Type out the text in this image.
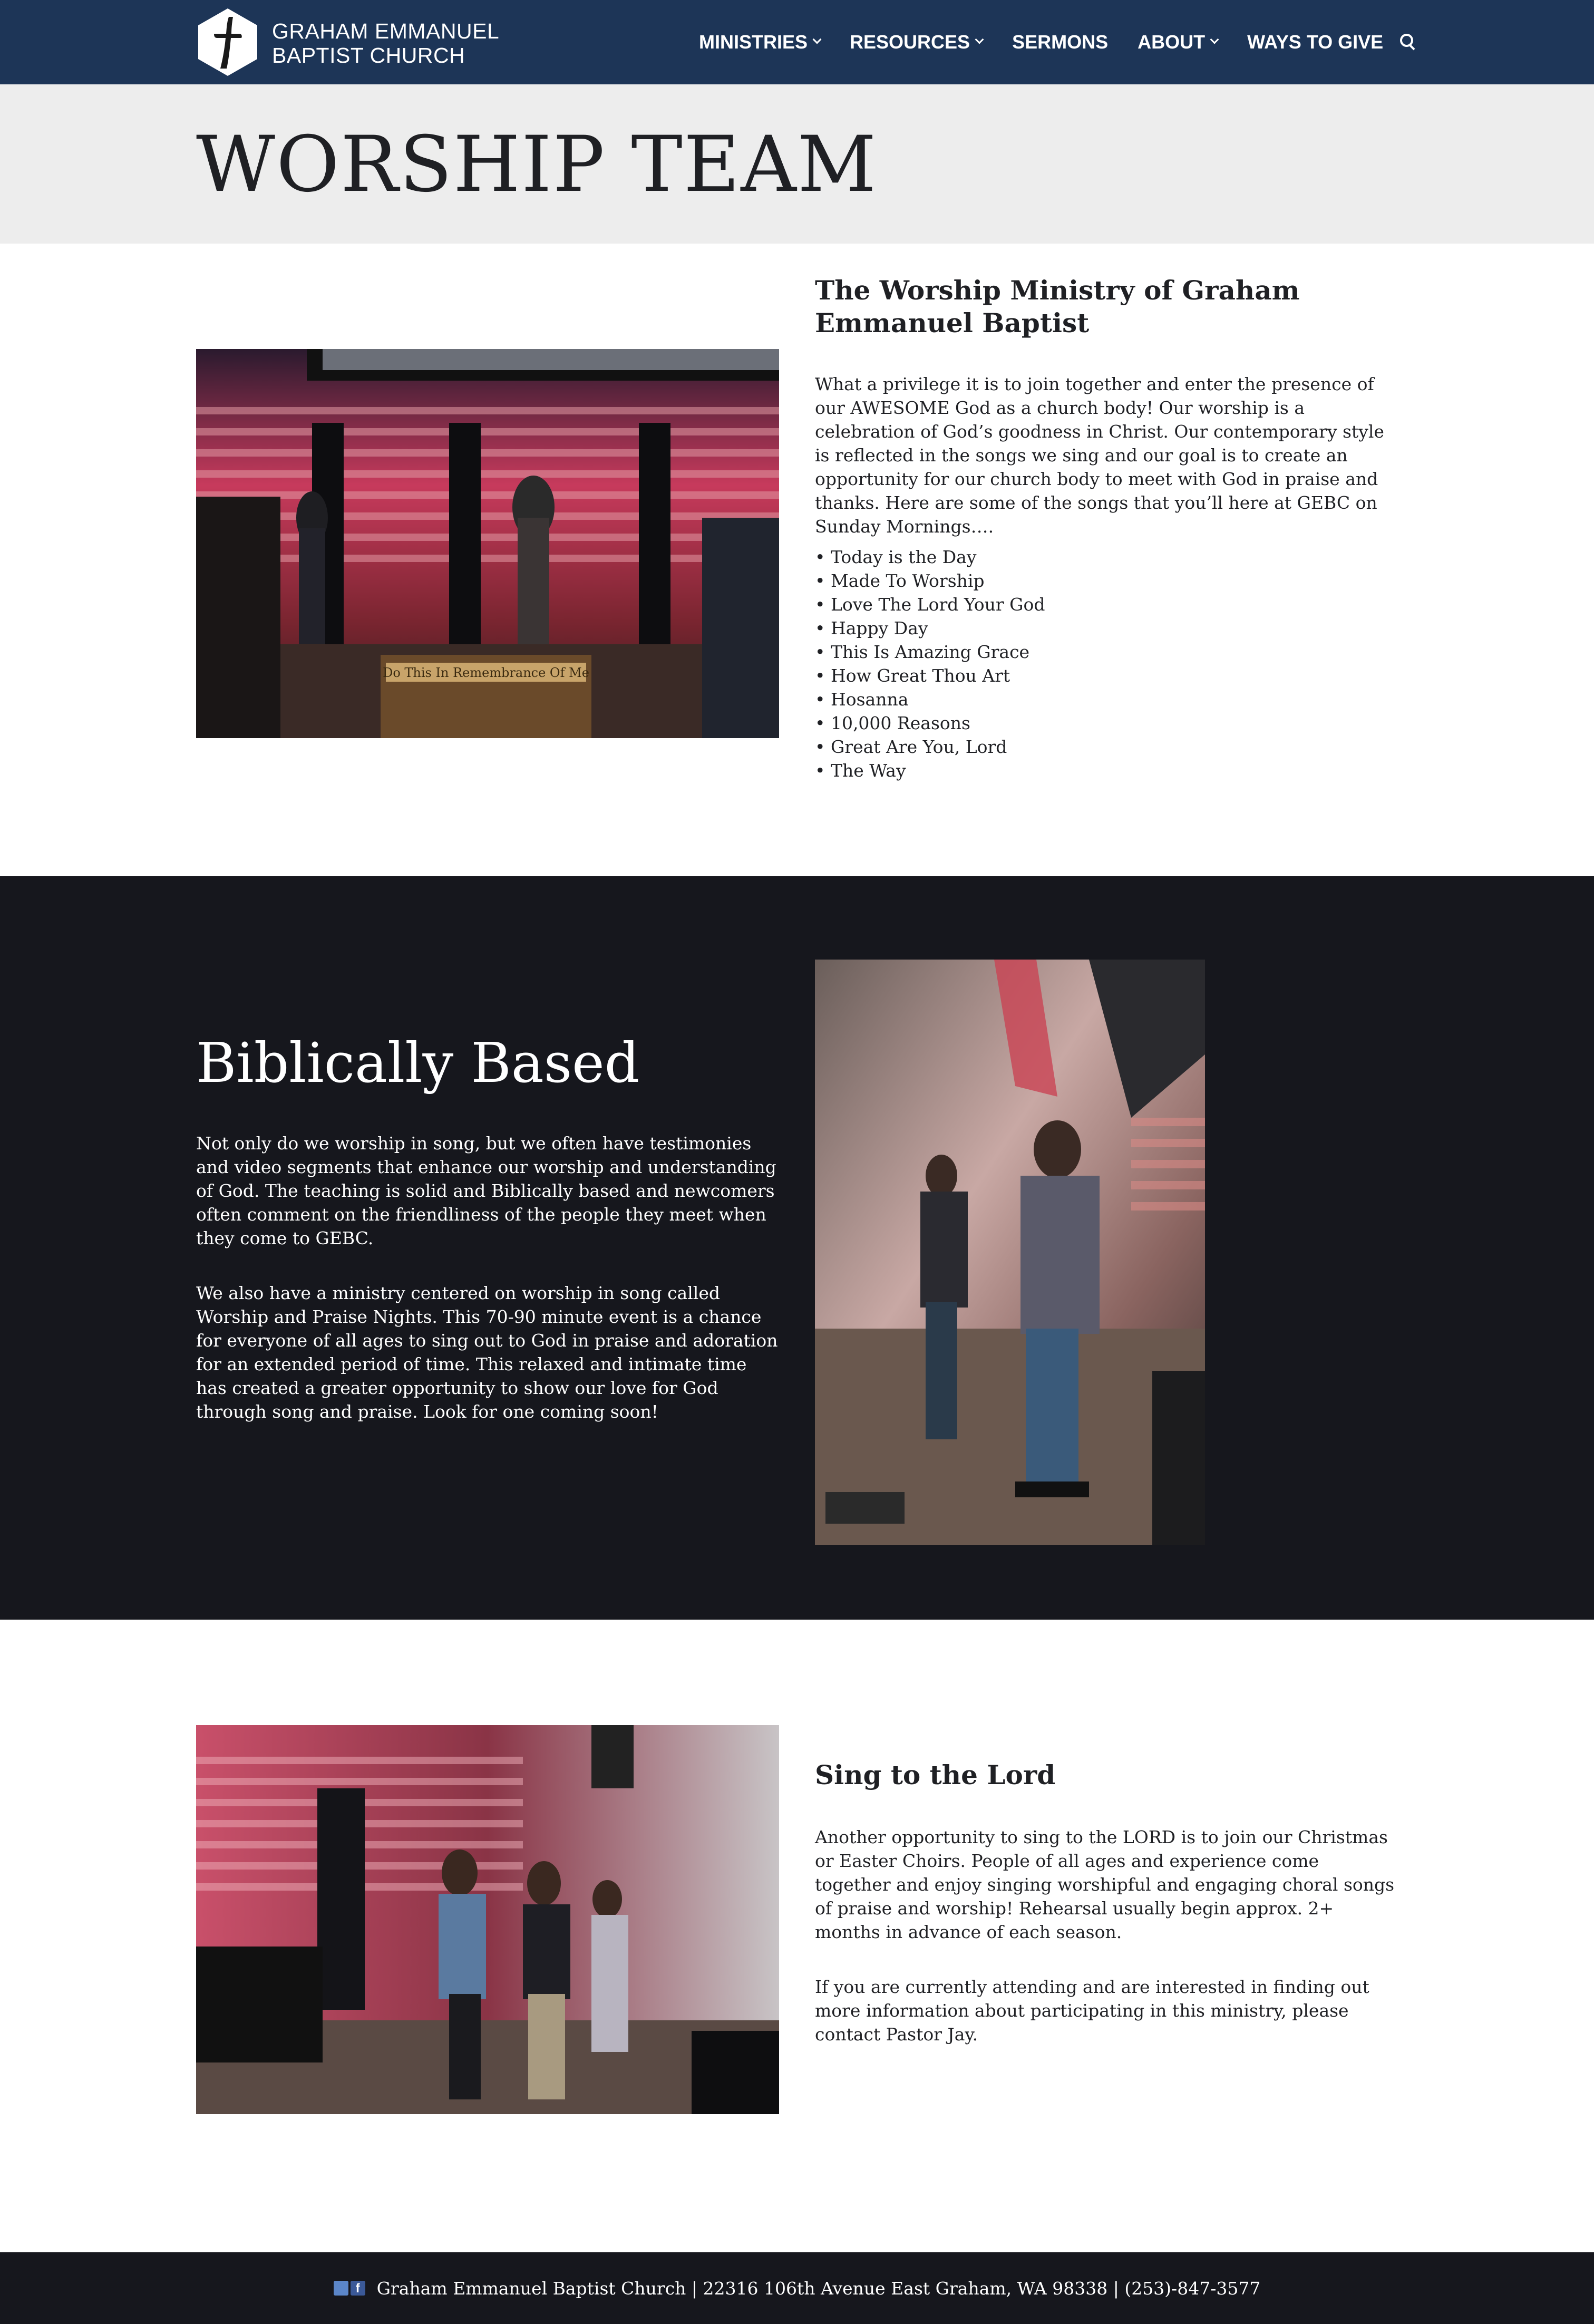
GRAHAM EMMANUEL
BAPTIST CHURCH
MINISTRIES RESOURCES SERMONS ABOUT WAYS TO GIVE
WORSHIP TEAM
Do This In Remembrance Of Me
The Worship Ministry of Graham Emmanuel Baptist

What a privilege it is to join together and enter the presence of our AWESOME God as a church body! Our worship is a celebration of God’s goodness in Christ. Our contemporary style is reflected in the songs we sing and our goal is to create an opportunity for our church body to meet with God in praise and thanks. Here are some of the songs that you’ll here at GEBC on Sunday Mornings….

• Today is the Day
• Made To Worship
• Love The Lord Your God
• Happy Day
• This Is Amazing Grace
• How Great Thou Art
• Hosanna
• 10,000 Reasons
• Great Are You, Lord
• The Way
Biblically Based

Not only do we worship in song, but we often have testimonies and video segments that enhance our worship and understanding of God. The teaching is solid and Biblically based and newcomers often comment on the friendliness of the people they meet when they come to GEBC.

We also have a ministry centered on worship in song called Worship and Praise Nights. This 70-90 minute event is a chance for everyone of all ages to sing out to God in praise and adoration for an extended period of time. This relaxed and intimate time has created a greater opportunity to show our love for God through song and praise. Look for one coming soon!

Sing to the Lord

Another opportunity to sing to the LORD is to join our Christmas or Easter Choirs. People of all ages and experience come together and enjoy singing worshipful and engaging choral songs of praise and worship! Rehearsal usually begin approx. 2+ months in advance of each season.

If you are currently attending and are interested in finding out more information about participating in this ministry, please contact Pastor Jay.

f Graham Emmanuel Baptist Church | 22316 106th Avenue East Graham, WA 98338 | (253)-847-3577
